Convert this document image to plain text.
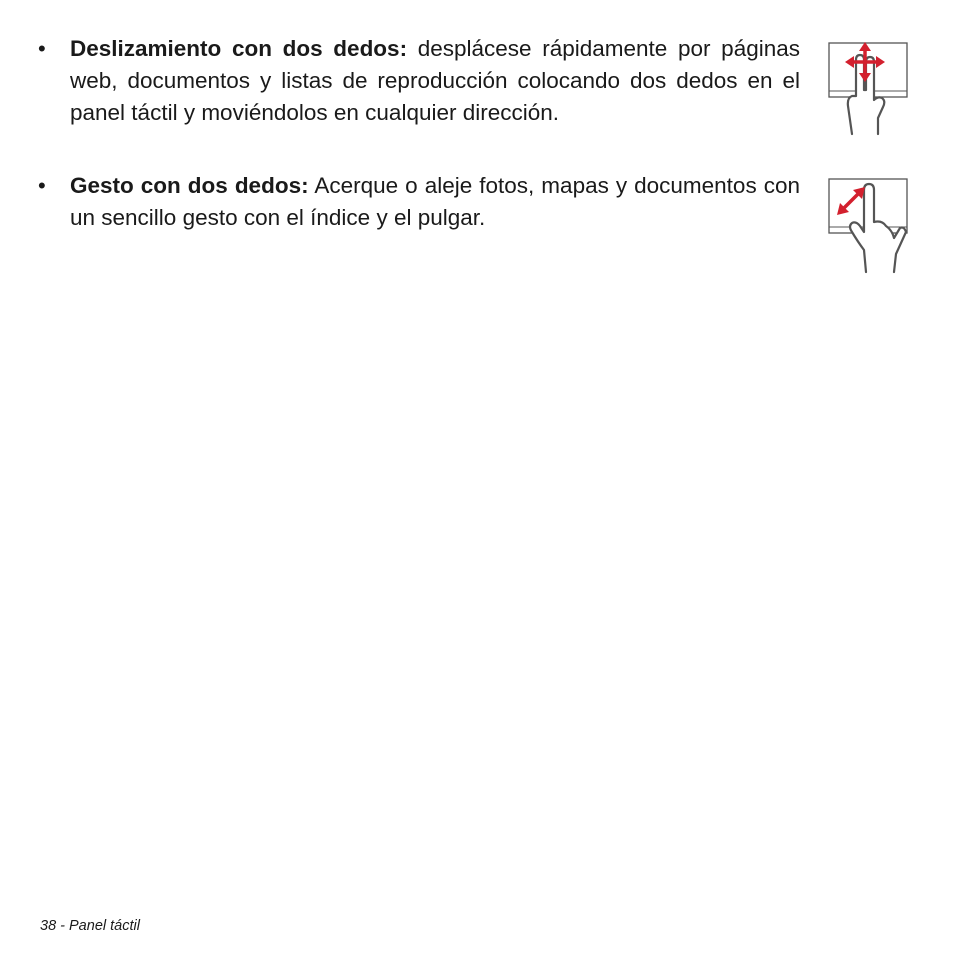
• Deslizamiento con dos dedos: desplácese rápidamente por páginas web, documentos y listas de reproducción colocando dos dedos en el panel táctil y moviéndolos en cualquier dirección.

• Gesto con dos dedos: Acerque o aleje fotos, mapas y documentos con un sencillo gesto con el índice y el pulgar.

38 - Panel táctil
